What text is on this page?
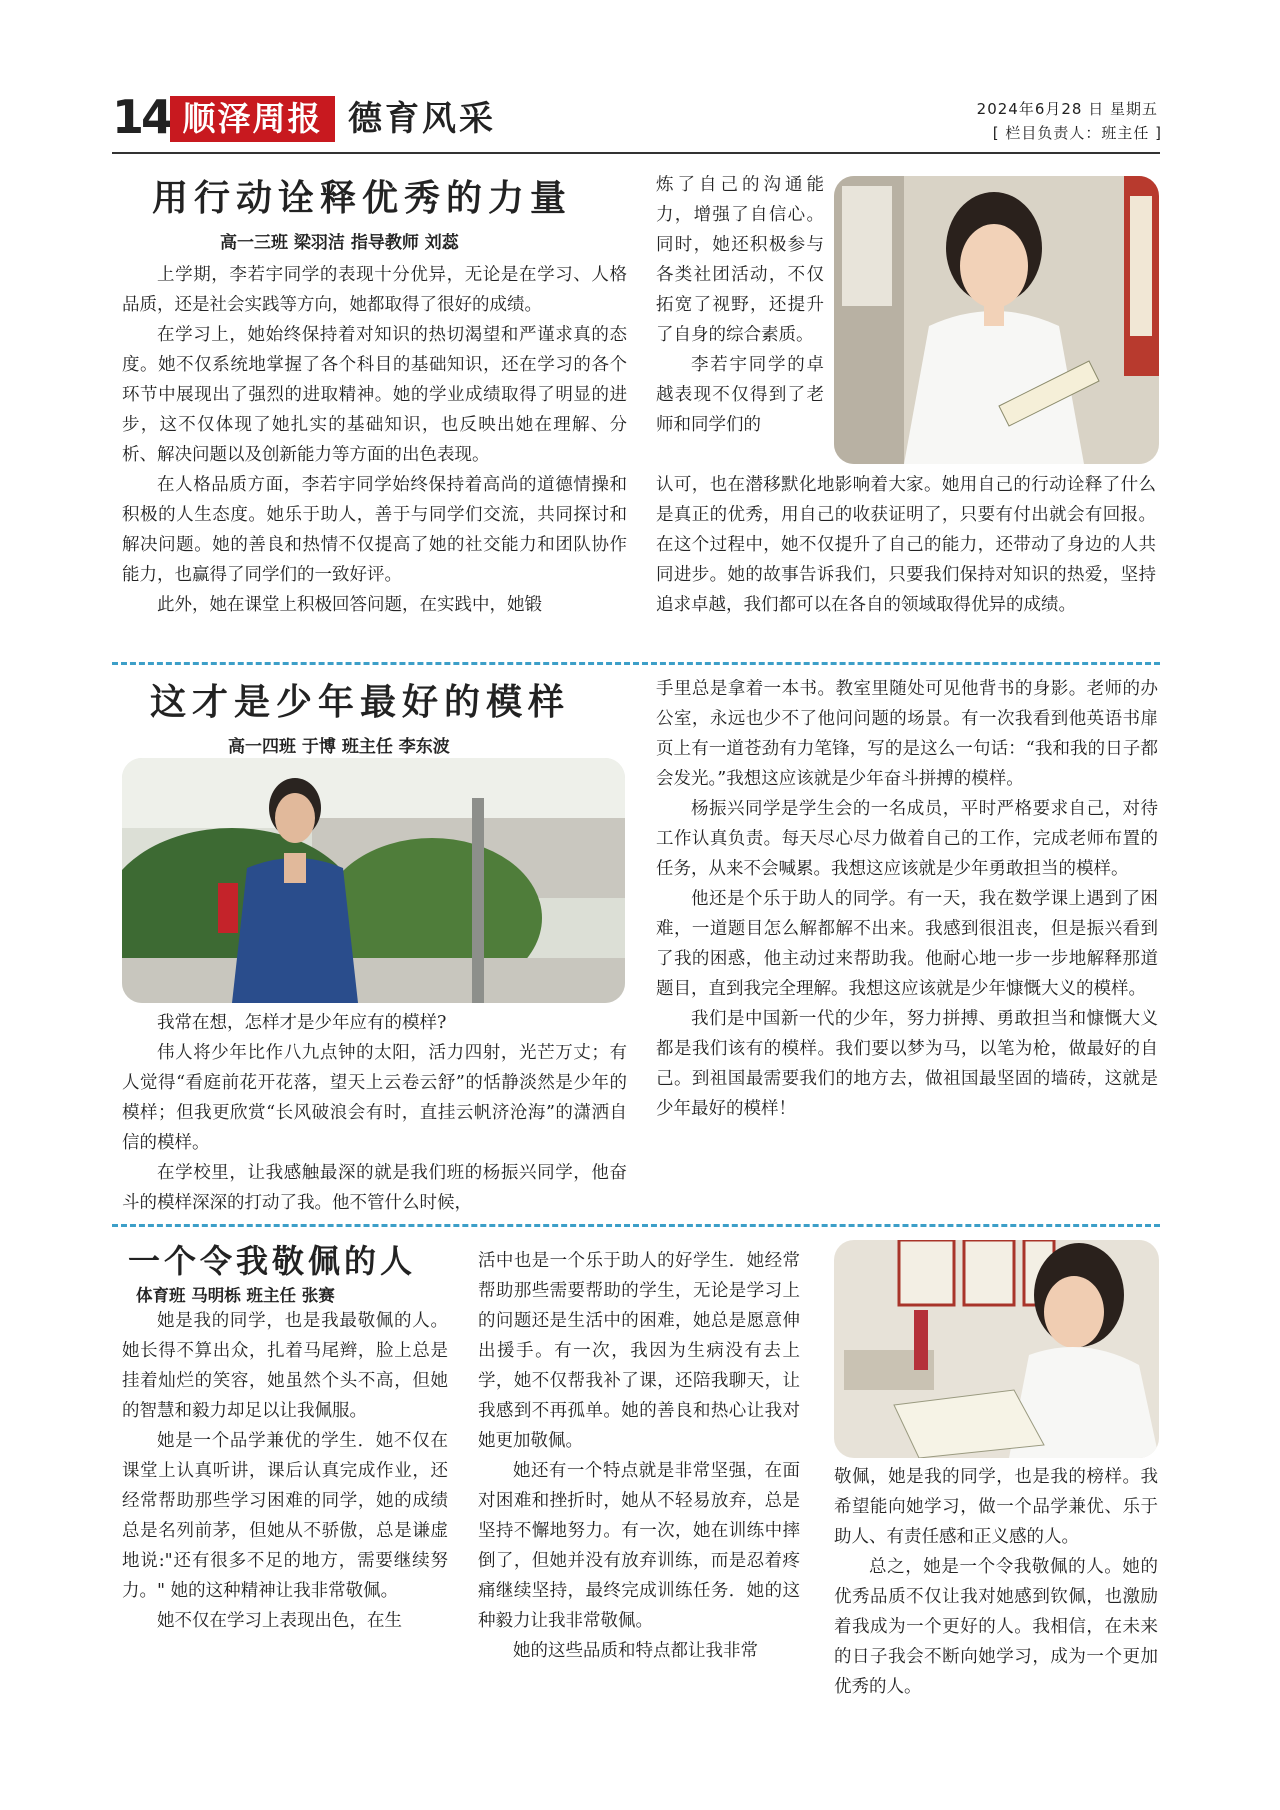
14 顺泽周报 德育风采	2024年6月28 日 星期五
[ 栏目负责人：班主任 ]
用行动诠释优秀的力量
高一三班 梁羽洁 指导教师 刘蕊

上学期，李若宇同学的表现十分优异，无论是在学习、人格品质，还是社会实践等方向，她都取得了很好的成绩。

在学习上，她始终保持着对知识的热切渴望和严谨求真的态度。她不仅系统地掌握了各个科目的基础知识，还在学习的各个环节中展现出了强烈的进取精神。她的学业成绩取得了明显的进步，这不仅体现了她扎实的基础知识，也反映出她在理解、分析、解决问题以及创新能力等方面的出色表现。

在人格品质方面，李若宇同学始终保持着高尚的道德情操和积极的人生态度。她乐于助人，善于与同学们交流，共同探讨和解决问题。她的善良和热情不仅提高了她的社交能力和团队协作能力，也赢得了同学们的一致好评。

此外，她在课堂上积极回答问题，在实践中，她锻

炼了自己的沟通能力，增强了自信心。同时，她还积极参与各类社团活动，不仅拓宽了视野，还提升了自身的综合素质。

李若宇同学的卓越表现不仅得到了老师和同学们的

认可，也在潜移默化地影响着大家。她用自己的行动诠释了什么是真正的优秀，用自己的收获证明了，只要有付出就会有回报。在这个过程中，她不仅提升了自己的能力，还带动了身边的人共同进步。她的故事告诉我们，只要我们保持对知识的热爱，坚持追求卓越，我们都可以在各自的领域取得优异的成绩。

这才是少年最好的模样
高一四班 于博 班主任 李东波

我常在想，怎样才是少年应有的模样?

伟人将少年比作八九点钟的太阳，活力四射，光芒万丈；有人觉得“看庭前花开花落，望天上云卷云舒”的恬静淡然是少年的模样；但我更欣赏“长风破浪会有时，直挂云帆济沧海”的潇洒自信的模样。

在学校里，让我感触最深的就是我们班的杨振兴同学，他奋斗的模样深深的打动了我。他不管什么时候，

手里总是拿着一本书。教室里随处可见他背书的身影。老师的办公室，永远也少不了他问问题的场景。有一次我看到他英语书扉页上有一道苍劲有力笔锋，写的是这么一句话：“我和我的日子都会发光。”我想这应该就是少年奋斗拼搏的模样。

杨振兴同学是学生会的一名成员，平时严格要求自己，对待工作认真负责。每天尽心尽力做着自己的工作，完成老师布置的任务，从来不会喊累。我想这应该就是少年勇敢担当的模样。

他还是个乐于助人的同学。有一天，我在数学课上遇到了困难，一道题目怎么解都解不出来。我感到很沮丧，但是振兴看到了我的困惑，他主动过来帮助我。他耐心地一步一步地解释那道题目，直到我完全理解。我想这应该就是少年慷慨大义的模样。

我们是中国新一代的少年，努力拼搏、勇敢担当和慷慨大义都是我们该有的模样。我们要以梦为马，以笔为枪，做最好的自己。到祖国最需要我们的地方去，做祖国最坚固的墙砖，这就是少年最好的模样！

一个令我敬佩的人
体育班 马明栎 班主任 张赛

她是我的同学，也是我最敬佩的人。她长得不算出众，扎着马尾辫，脸上总是挂着灿烂的笑容，她虽然个头不高，但她的智慧和毅力却足以让我佩服。

她是一个品学兼优的学生．她不仅在课堂上认真听讲，课后认真完成作业，还经常帮助那些学习困难的同学，她的成绩总是名列前茅，但她从不骄傲，总是谦虚地说:"还有很多不足的地方，需要继续努力。" 她的这种精神让我非常敬佩。

她不仅在学习上表现出色，在生

活中也是一个乐于助人的好学生．她经常帮助那些需要帮助的学生，无论是学习上的问题还是生活中的困难，她总是愿意伸出援手。有一次，我因为生病没有去上学，她不仅帮我补了课，还陪我聊天，让我感到不再孤单。她的善良和热心让我对她更加敬佩。

她还有一个特点就是非常坚强，在面对困难和挫折时，她从不轻易放弃，总是坚持不懈地努力。有一次，她在训练中摔倒了，但她并没有放弃训练，而是忍着疼痛继续坚持，最终完成训练任务．她的这种毅力让我非常敬佩。

她的这些品质和特点都让我非常

敬佩，她是我的同学，也是我的榜样。我希望能向她学习，做一个品学兼优、乐于助人、有责任感和正义感的人。

总之，她是一个令我敬佩的人。她的优秀品质不仅让我对她感到钦佩，也激励着我成为一个更好的人。我相信，在未来的日子我会不断向她学习，成为一个更加优秀的人。
